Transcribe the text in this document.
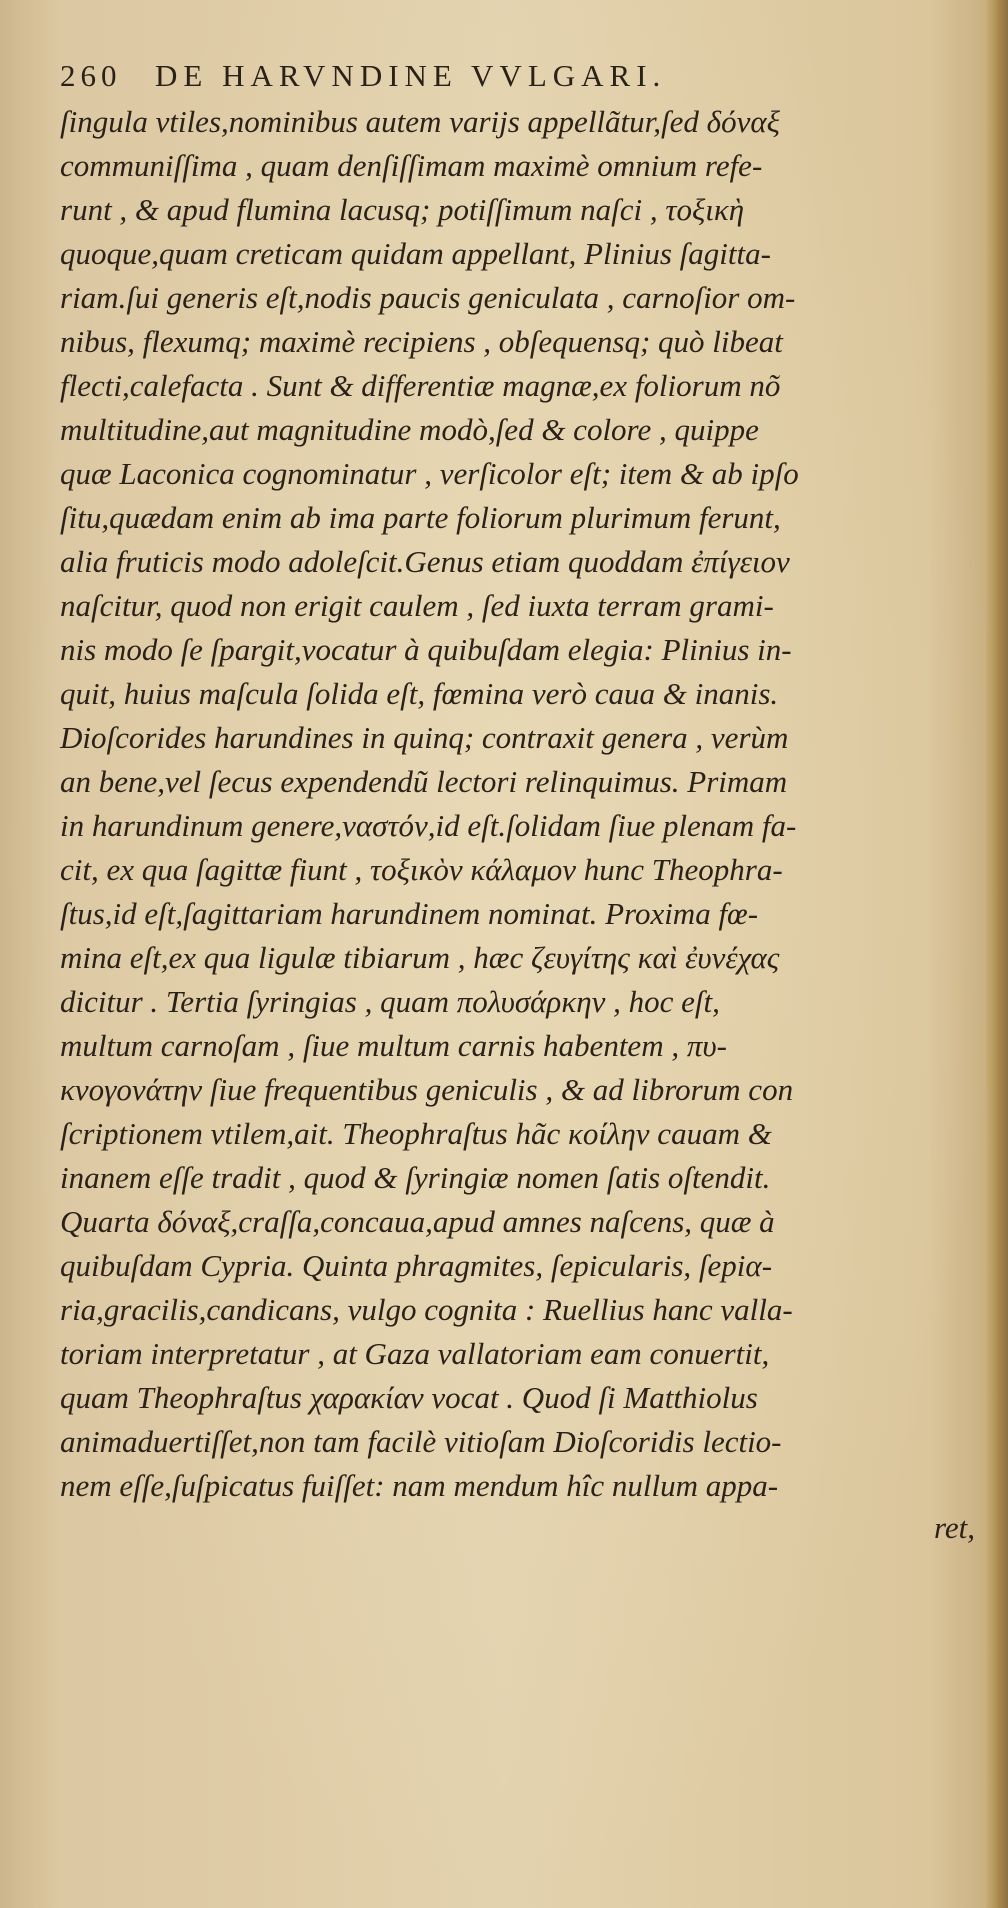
260 DE HARVNDINE VVLGARI.
ſingula vtiles,nominibus autem varijs appellãtur,ſed δόναξ
communiſſima , quam denſiſſimam maximè omnium refe-
runt , & apud flumina lacusq; potiſſimum naſci , τοξικὴ
quoque,quam creticam quidam appellant, Plinius ſagitta-
riam.ſui generis eſt,nodis paucis geniculata , carnoſior om-
nibus, flexumq; maximè recipiens , obſequensq; quò libeat
flecti,calefacta . Sunt & differentiæ magnæ,ex foliorum nõ
multitudine,aut magnitudine modò,ſed & colore , quippe
quæ Laconica cognominatur , verſicolor eſt; item & ab ipſo
ſitu,quædam enim ab ima parte foliorum plurimum ferunt,
alia fruticis modo adoleſcit.Genus etiam quoddam ἐπίγειον
naſcitur, quod non erigit caulem , ſed iuxta terram grami-
nis modo ſe ſpargit,vocatur à quibuſdam elegia: Plinius in-
quit, huius maſcula ſolida eſt, fœmina verò caua & inanis.
Dioſcorides harundines in quinq; contraxit genera , verùm
an bene,vel ſecus expendendũ lectori relinquimus. Primam
in harundinum genere,ναστόν,id eſt.ſolidam ſiue plenam fa-
cit, ex qua ſagittæ fiunt , τοξικὸν κάλαμον hunc Theophra-
ſtus,id eſt,ſagittariam harundinem nominat. Proxima fœ-
mina eſt,ex qua ligulæ tibiarum , hæc ζευγίτης καὶ ἐυνέχας
dicitur . Tertia ſyringias , quam πολυσάρκην , hoc eſt,
multum carnoſam , ſiue multum carnis habentem , πυ-
κνογονάτην ſiue frequentibus geniculis , & ad librorum con
ſcriptionem vtilem,ait. Theophraſtus hãc κοίλην cauam &
inanem eſſe tradit , quod & ſyringiæ nomen ſatis oſtendit.
Quarta δόναξ,craſſa,concaua,apud amnes naſcens, quæ à
quibuſdam Cypria. Quinta phragmites, ſepicularis, ſepiα-
ria,gracilis,candicans, vulgo cognita : Ruellius hanc valla-
toriam interpretatur , at Gaza vallatoriam eam conuertit,
quam Theophraſtus χαρακίαν vocat . Quod ſi Matthiolus
animaduertiſſet,non tam facilè vitioſam Dioſcoridis lectio-
nem eſſe,ſuſpicatus fuiſſet: nam mendum hîc nullum appa-
ret,
